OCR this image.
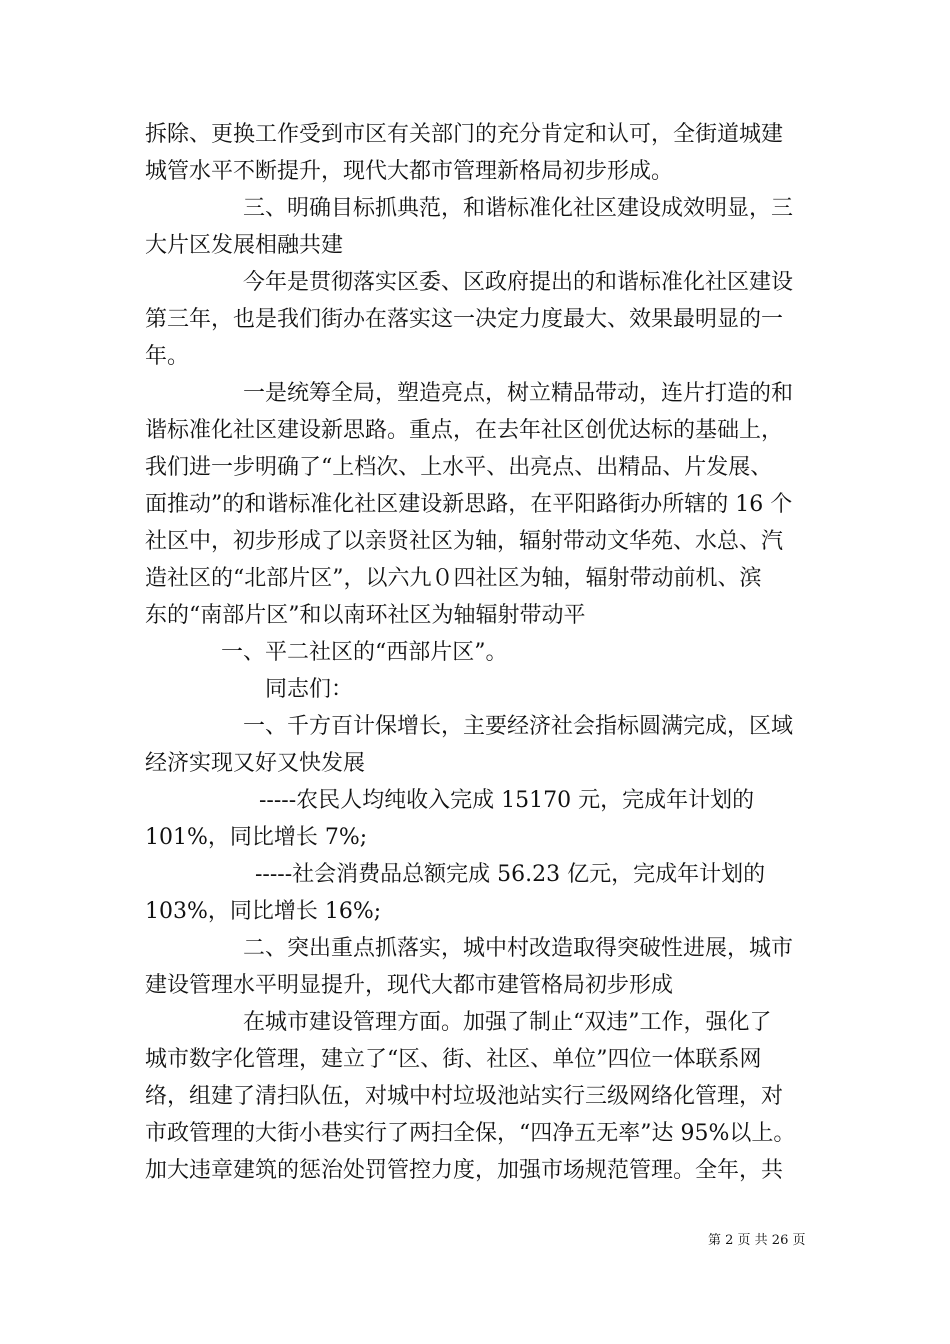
拆除、更换工作受到市区有关部门的充分肯定和认可，全街道城建
城管水平不断提升，现代大都市管理新格局初步形成。
三、明确目标抓典范，和谐标准化社区建设成效明显，三
大片区发展相融共建
今年是贯彻落实区委、区政府提出的和谐标准化社区建设
第三年，也是我们街办在落实这一决定力度最大、效果最明显的一
年。
一是统筹全局，塑造亮点，树立精品带动，连片打造的和
谐标准化社区建设新思路。重点，在去年社区创优达标的基础上，
我们进一步明确了“上档次、上水平、出亮点、出精品、片发展、
面推动”的和谐标准化社区建设新思路，在平阳路街办所辖的 16 个
社区中，初步形成了以亲贤社区为轴，辐射带动文华苑、水总、汽
造社区的“北部片区”，以六九０四社区为轴，辐射带动前机、滨
东的“南部片区”和以南环社区为轴辐射带动平
一、平二社区的“西部片区”。
同志们：
一、千方百计保增长，主要经济社会指标圆满完成，区域
经济实现又好又快发展
-----农民人均纯收入完成 15170 元，完成年计划的
101%，同比增长 7%;
-----社会消费品总额完成 56.23 亿元，完成年计划的
103%，同比增长 16%;
二、突出重点抓落实，城中村改造取得突破性进展，城市
建设管理水平明显提升，现代大都市建管格局初步形成
在城市建设管理方面。加强了制止“双违”工作，强化了
城市数字化管理，建立了“区、街、社区、单位”四位一体联系网
络，组建了清扫队伍，对城中村垃圾池站实行三级网络化管理，对
市政管理的大街小巷实行了两扫全保，“四净五无率”达 95%以上。
加大违章建筑的惩治处罚管控力度，加强市场规范管理。全年，共
第 2 页 共 26 页
